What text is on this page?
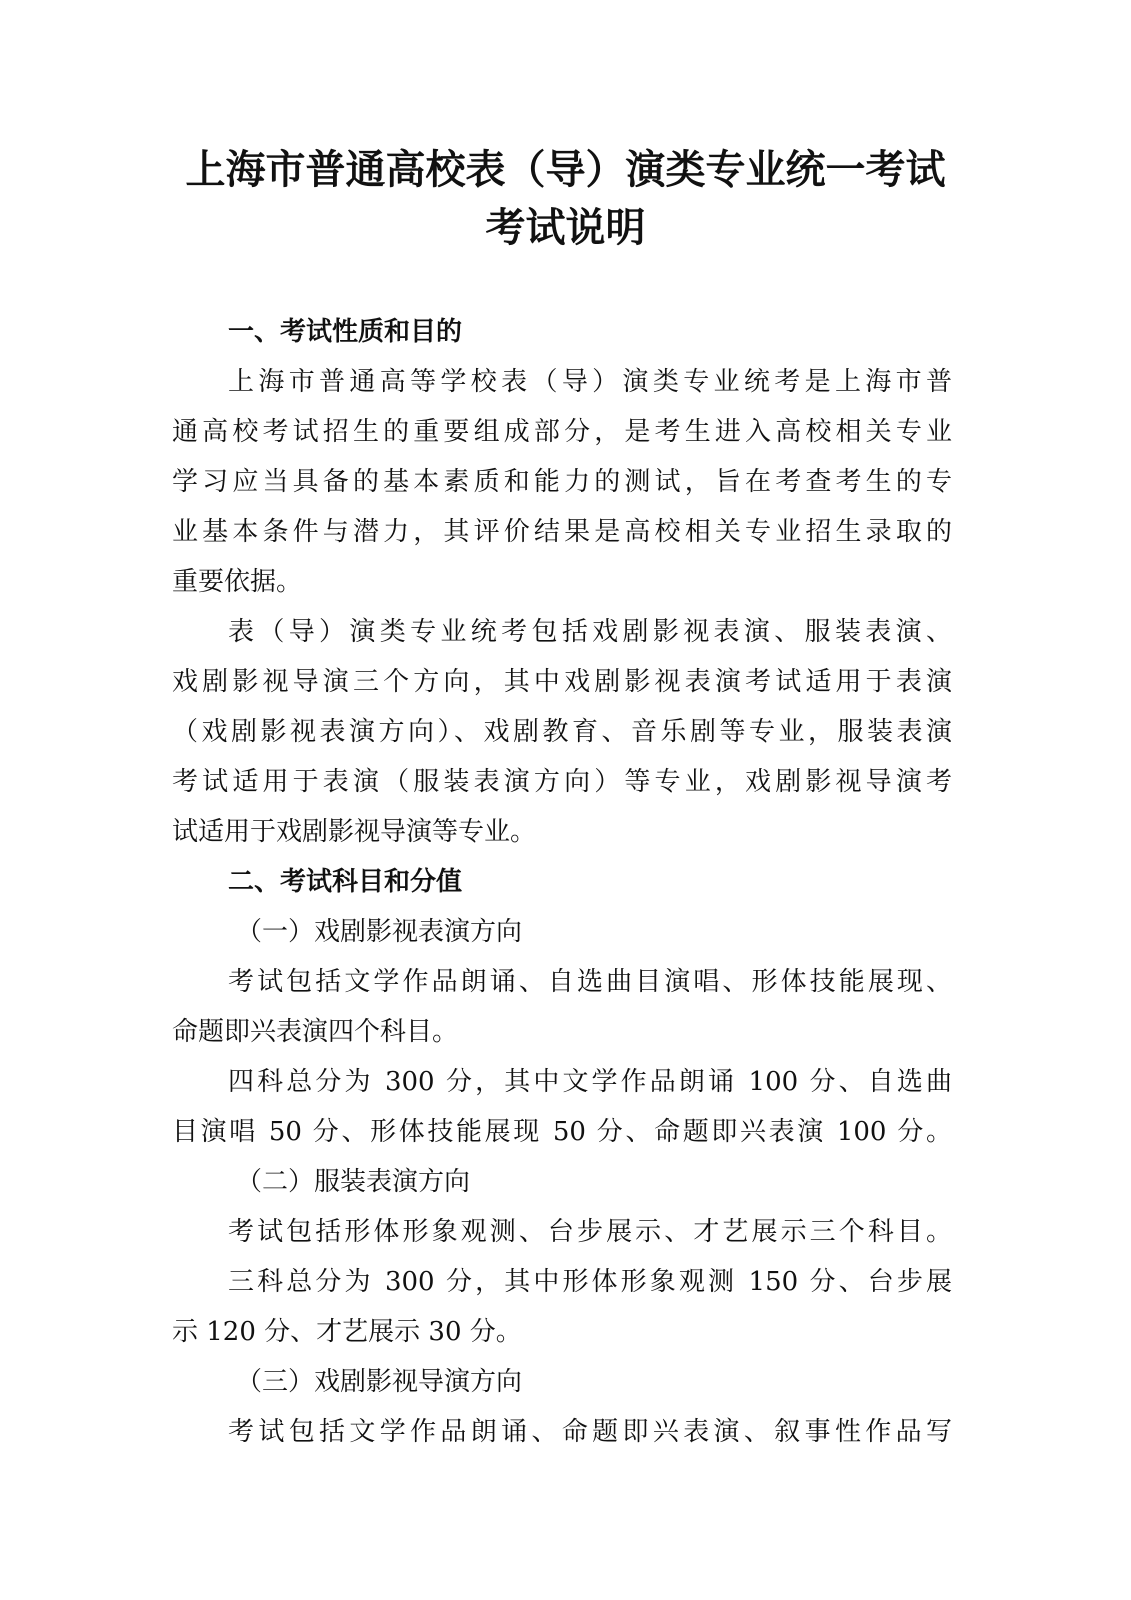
上海市普通高校表（导）演类专业统一考试
考试说明
一、考试性质和目的
上海市普通高等学校表（导）演类专业统考是上海市普
通高校考试招生的重要组成部分，是考生进入高校相关专业
学习应当具备的基本素质和能力的测试，旨在考查考生的专
业基本条件与潜力，其评价结果是高校相关专业招生录取的
重要依据。
表（导）演类专业统考包括戏剧影视表演、服装表演、
戏剧影视导演三个方向，其中戏剧影视表演考试适用于表演
（戏剧影视表演方向）、戏剧教育、音乐剧等专业，服装表演
考试适用于表演（服装表演方向）等专业，戏剧影视导演考
试适用于戏剧影视导演等专业。
二、考试科目和分值
（一）戏剧影视表演方向
考试包括文学作品朗诵、自选曲目演唱、形体技能展现、
命题即兴表演四个科目。
四科总分为 300 分，其中文学作品朗诵 100 分、自选曲
目演唱 50 分、形体技能展现 50 分、命题即兴表演 100 分。
（二）服装表演方向
考试包括形体形象观测、台步展示、才艺展示三个科目。
三科总分为 300 分，其中形体形象观测 150 分、台步展
示 120 分、才艺展示 30 分。
（三）戏剧影视导演方向
考试包括文学作品朗诵、命题即兴表演、叙事性作品写
